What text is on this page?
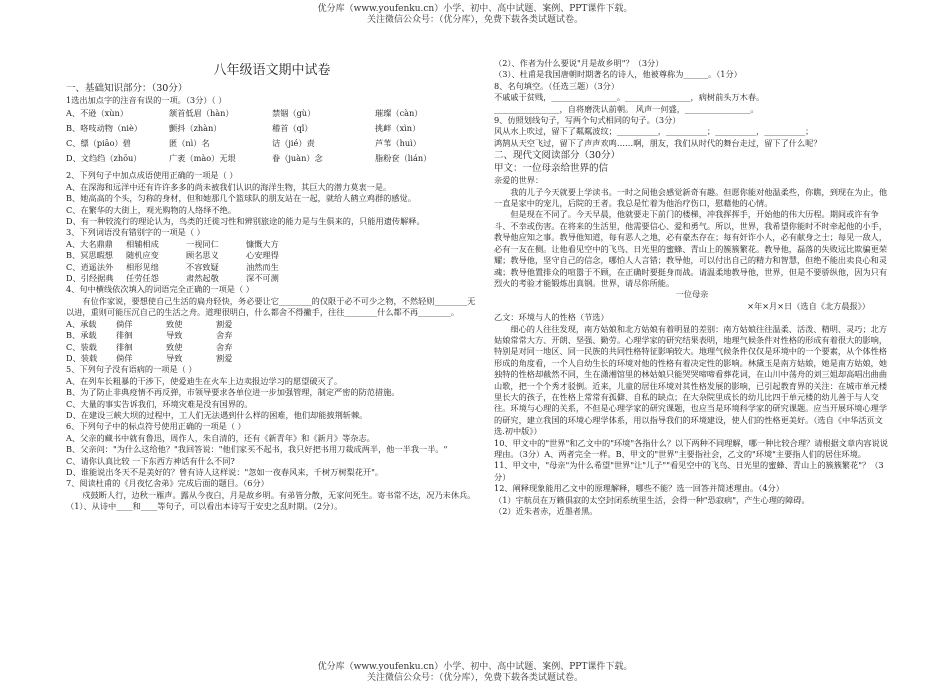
优分库（www.youfenku.cn）小学、初中、高中试题、案例、PPT课件下载。
关注微信公众号：（优分库），免费下载各类试题试卷。
八年级语文期中试卷
一、基础知识部分：（30分）
1选出加点字的注音有误的一项。（3分）（ ）
A、不逊（xùn）	颔首低眉（hàn）	禁锢（gù）	璀璨（càn）
B、咯吱动物（niè）	颤抖（zhàn）	稽首（qǐ）	挑衅（xìn）
C、缥（piāo）碧	匿（nì）名	诘（jié）责	芦苇（huì）
D、文绉绉（zhōu）	广袤（mào）无垠	眷（juàn）念	脂粉奁（lián）
2、下列句子中加点成语使用正确的一项是（ ）
A、在深海和远洋中还有许许多多的尚未被我们认识的海洋生物，其巨大的潜力莫衷一是。
B、她高高的个头，匀称的身材，但和她那几个篮球队的朋友站在一起，就给人鹤立鸡群的感觉。
C、在繁华的大街上，观光购物的人络绎不绝。
D、有一种较流行的理论认为，鸟类的迁徙习性和辨别旅途的能力是与生俱来的，只能用遗传解释。
3、下列词语没有错别字的一项是（ ）
A、大名鼎鼎	相辅相成	一视同仁	慷慨大方
B、冥思暇想	随机应变	顾名思义	心安理得
C、逍遥法外	相形见绌	不容致疑	油然而生
D、引经据典	任劳任怨	肃然起敬	深不可测
4、句中横线依次填入的词语完全正确的一项是（ ）
有位作家说，要想使自己生活的扁舟轻快，务必要让它________的仅限于必不可少之物，不然轻则________无以进，重则可能压沉自己的生活之舟。道理很明白，什么都舍不得撇手，往往________什么都不再________。
A、承载	倘佯	致使	割爱
B、承载	徘徊	导致	舍弃
C、装载	徘徊	致使	舍弃
D、装载	倘佯	导致	割爱
5、下列句子没有语病的一项是（ ）
A、在列车长粗暴的干涉下，使爱迪生在火车上边卖报边学习的愿望破灭了。
B、为了防止非典疫情不再反弹，市领导要求各单位进一步加强管理，制定严密的防范措施。
C、大量的事实告诉我们，环境灾难是没有国界的。
D、在建设三峡大坝的过程中，工人们无法遇到什么样的困难，他们却能披荆斩棘。
6、下列句子中的标点符号使用正确的一项是（ ）
A、父亲的藏书中就有鲁迅，周作人，朱自清的，还有《新青年》和《新月》等杂志。
B、父亲问："为什么这给他？"我回答说："他们家买不起书，我只好把书用刀裁成两半，他一半我一半。"
C、请你认真比较 一下东西方神话有什么不同?
D、谁能说出冬天不是美好的？曾有诗人这样说："忽如一夜春风来，千树万树梨花开"。
7、阅读杜甫的《月夜忆舍弟》完成后面的题目。（6分）
戍鼓断人行，边秋一雁声。露从今夜白，月是故乡明。有弟皆分散，无家问死生。寄书常不达，况乃未休兵。
（1）、从诗中____和____等句子，可以看出本诗写于安史之乱时期。（2分）。
（2）、作者为什么要说"月是故乡明"？（3分）
（3）、杜甫是我国唐朝时期著名的诗人，他被尊称为______。（1分）
8、名句填空。（任选三题）（3分）
不戚戚于贫贱，________________。________________，病树前头万木春。
________________，自将磨洗认前朝。 风声一何盛，________________。
9、仿照划线句子，写两个句式相同的句子。（3分）
风从水上吹过，留下了粼粼波纹；__________，__________；__________，__________；
鸿鹄从天空飞过，留下了声声欢鸣……啊，朋友，我们从时代的舞台走过，留下了什么呢？
二、现代文阅读部分（30分）
甲文：一位母亲给世界的信
亲爱的世界：
我的儿子今天就要上学读书。一时之间他会感觉新奇有趣。但愿你能对他温柔些，你瞧，到现在为止，他一直是家中的宠儿，后院的王者。我总是忙着为他治疗伤口，慰藉他的心情。
但是现在不同了。今天早晨，他就要走下前门的楼梯，冲我挥挥手，开始他的伟大历程。期间或许有争斗、不幸或伤害。在将来的生活里，他需要信心、爱和勇气。所以，世界，我希望你能时不时牵起他的小手，教导他应知之事。教导他知道，每有恶人之地，必有豪杰存在；每有奸诈小人，必有献身之士；每见一敌人，必有一友在侧。让他看见空中的飞鸟、日光里的蜜蜂、青山上的簇簇繁花。教导他，磊落的失败远比欺骗更荣耀；教导他，坚守自己的信念，哪怕人人言错；教导他，可以付出自己的精力和智慧，但绝不能出卖良心和灵魂；教导他置排众的喧嚣于不顾，在正确时要挺身而战。请温柔地教导他，世界，但是不要骄纵他，因为只有烈火的考验才能锻炼出真钢。世界，请尽你所能。
一位母亲
×年×月×日（选自《北方晨报》）
乙文：环境与人的性格（节选）
细心的人往往发现，南方姑娘和北方姑娘有着明显的差别：南方姑娘往往温柔、活泼、精明、灵巧；北方姑娘常常大方、开朗、坚强、勤劳。心理学家的研究结果表明，地理气候条件对性格的形成有着很大的影响，特别是对同一地区、同一民族的共同性格特征影响较大。地理气候条件仅仅是环境中的一个要素，从个体性格形成的角度看，一个人自幼生长的环境对他的性格有着决定性的影响。林黛玉是南方姑娘，她是南方姑娘，她独特的性格却截然不同，生在潇湘馆里的林姑娘只能哭哭啼啼看葬花词，在山川中荡舟的刘三姐却高唱出曲曲山歌，把一个个秀才驳倒。近来，儿童的居住环境对其性格发展的影响，已引起教育界的关注：在城市单元楼里长大的孩子，在性格上常常有孤僻、自私的缺点；在大杂院里成长的幼儿比四于单元楼的幼儿善于与人交往。环境与心理的关系，不但是心理学家的研究课题，也应当是环境科学家的研究课题。应当开展环境心理学的研究，建立我国的环境心理学体系，用以指导我们的环境建设，使人们的性格更美好。（选自《中华活页文选.初中版》）
10、甲文中的"世界"和乙文中的"环境"各指什么？以下两种不同理解，哪一种比较合理？请根据文章内容说说理由。（3分）A、两者完全一样。B、甲文的"世界"主要指社会，乙文的"环境"主要指人们的居住环境。
11、甲文中，"母亲"为什么希望"世界"让"儿子""看见空中的飞鸟、日光里的蜜蜂、青山上的簇簇繁花"？（3分）
12、阐释现象能用乙文中的原理解释，哪些不能？选一回答并简述理由。（4分）
（1）宇航员在万籁俱寂的太空封闭系统里生活，会得一种"恐寂病"，产生心理的障碍。
（2）近朱者赤，近墨者黑。
优分库（www.youfenku.cn）小学、初中、高中试题、案例、PPT课件下载。
关注微信公众号：（优分库），免费下载各类试题试卷。
